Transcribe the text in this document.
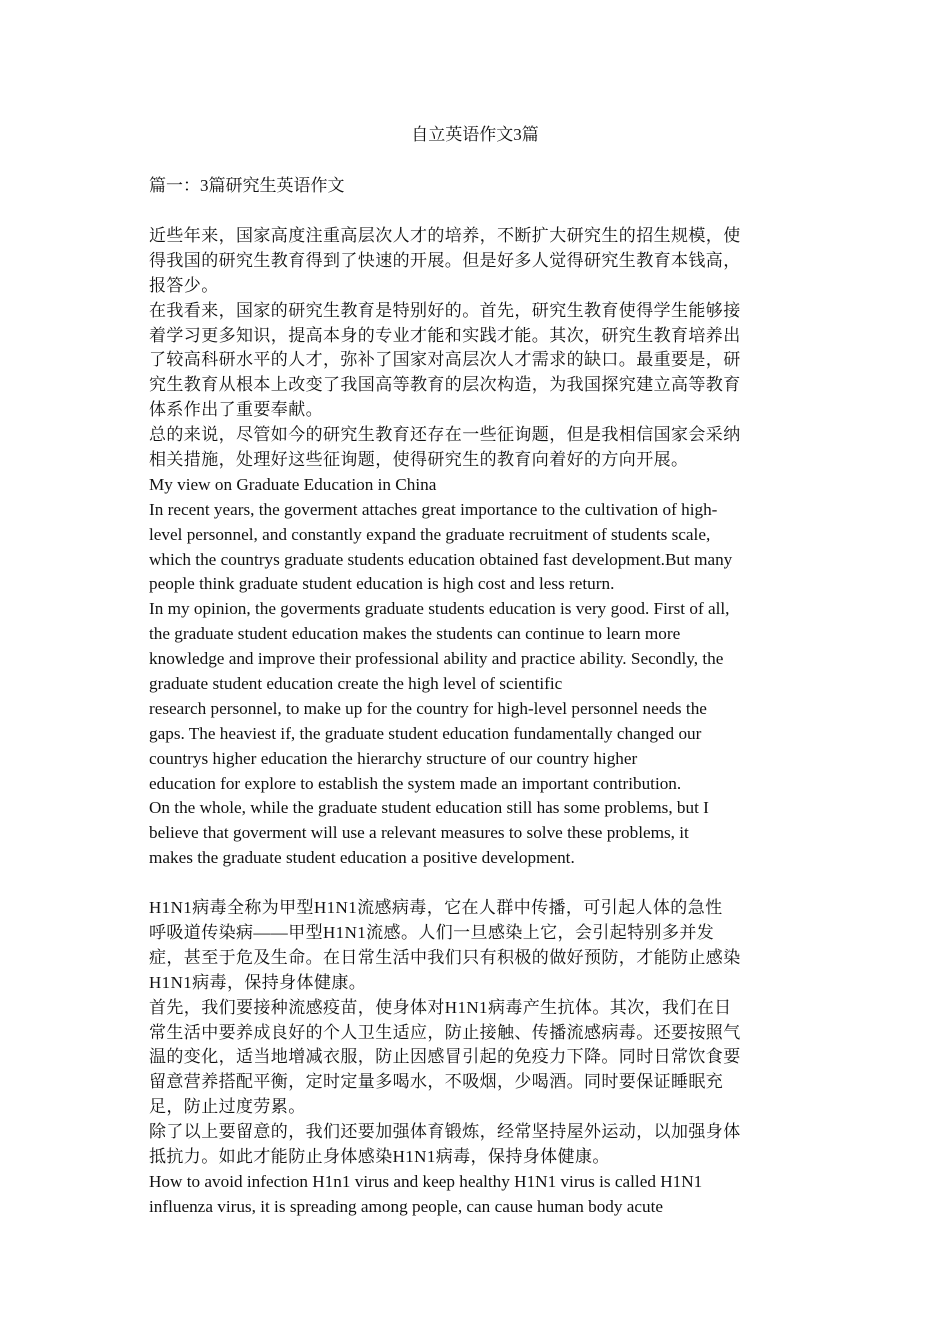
自立英语作文3篇
篇一：3篇研究生英语作文

近些年来，国家高度注重高层次人才的培养，不断扩大研究生的招生规模，使
得我国的研究生教育得到了快速的开展。但是好多人觉得研究生教育本钱高，
报答少。

在我看来，国家的研究生教育是特别好的。首先，研究生教育使得学生能够接
着学习更多知识，提高本身的专业才能和实践才能。其次，研究生教育培养出
了较高科研水平的人才，弥补了国家对高层次人才需求的缺口。最重要是，研
究生教育从根本上改变了我国高等教育的层次构造，为我国探究建立高等教育
体系作出了重要奉献。

总的来说，尽管如今的研究生教育还存在一些征询题，但是我相信国家会采纳
相关措施，处理好这些征询题，使得研究生的教育向着好的方向开展。

My view on Graduate Education in China

In recent years, the goverment attaches great importance to the cultivation of high-
level personnel, and constantly expand the graduate recruitment of students scale,
which the countrys graduate students education obtained fast development.But many
people think graduate student education is high cost and less return.

In my opinion, the goverments graduate students education is very good. First of all,
the graduate student education makes the students can continue to learn more
knowledge and improve their professional ability and practice ability. Secondly, the
graduate student education create the high level of scientific
research personnel, to make up for the country for high-level personnel needs the
gaps. The heaviest if, the graduate student education fundamentally changed our
countrys higher education the hierarchy structure of our country higher
education for explore to establish the system made an important contribution.

On the whole, while the graduate student education still has some problems, but I
believe that goverment will use a relevant measures to solve these problems, it
makes the graduate student education a positive development.

H1N1病毒全称为甲型H1N1流感病毒，它在人群中传播，可引起人体的急性
呼吸道传染病——甲型H1N1流感。人们一旦感染上它，会引起特别多并发
症，甚至于危及生命。在日常生活中我们只有积极的做好预防，才能防止感染
H1N1病毒，保持身体健康。

首先，我们要接种流感疫苗，使身体对H1N1病毒产生抗体。其次，我们在日
常生活中要养成良好的个人卫生适应，防止接触、传播流感病毒。还要按照气
温的变化，适当地增减衣服，防止因感冒引起的免疫力下降。同时日常饮食要
留意营养搭配平衡，定时定量多喝水，不吸烟，少喝酒。同时要保证睡眠充
足，防止过度劳累。

除了以上要留意的，我们还要加强体育锻炼，经常坚持屋外运动，以加强身体
抵抗力。如此才能防止身体感染H1N1病毒，保持身体健康。

How to avoid infection H1n1 virus and keep healthy H1N1 virus is called H1N1
influenza virus, it is spreading among people, can cause human body acute
